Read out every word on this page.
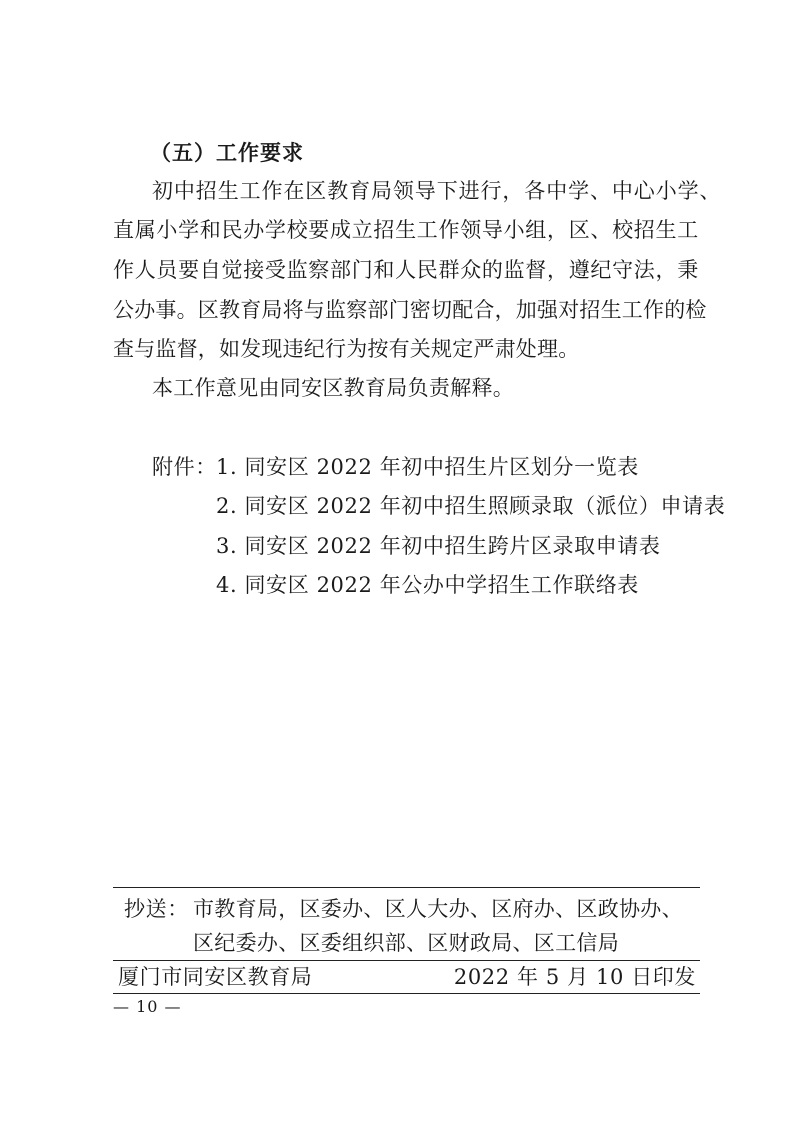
（五）工作要求
初中招生工作在区教育局领导下进行，各中学、中心小学、
直属小学和民办学校要成立招生工作领导小组，区、校招生工
作人员要自觉接受监察部门和人民群众的监督，遵纪守法，秉
公办事。区教育局将与监察部门密切配合，加强对招生工作的检
查与监督，如发现违纪行为按有关规定严肃处理。
本工作意见由同安区教育局负责解释。
附件： 1. 同安区 2022 年初中招生片区划分一览表
2. 同安区 2022 年初中招生照顾录取（派位）申请表
3. 同安区 2022 年初中招生跨片区录取申请表
4. 同安区 2022 年公办中学招生工作联络表
抄送： 市教育局，区委办、区人大办、区府办、区政协办、
区纪委办、区委组织部、区财政局、区工信局
厦门市同安区教育局	2022 年 5 月 10 日印发
— 10 —
